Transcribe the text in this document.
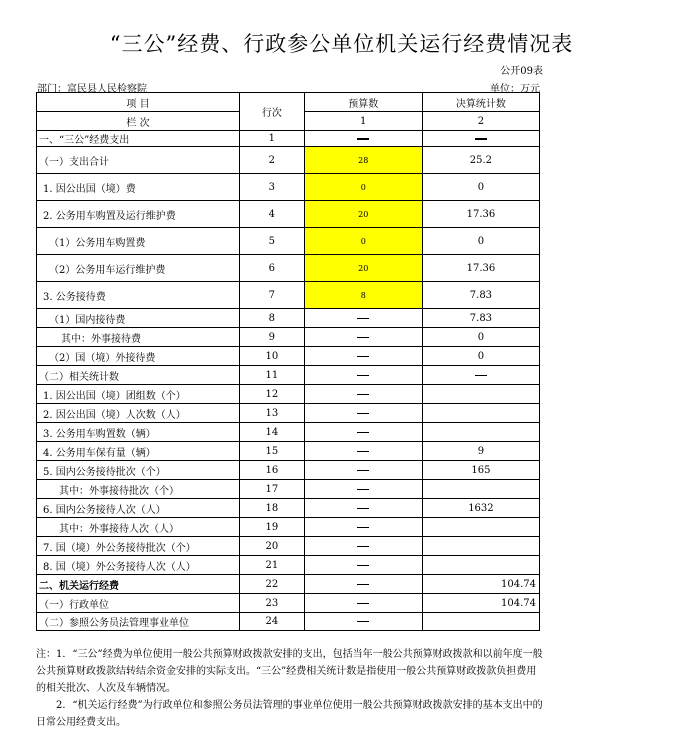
“三公”经费、行政参公单位机关运行经费情况表
公开09表
部门：富民县人民检察院	单位：万元
项 目	行次	预算数	决算统计数
栏 次		1	2
一、“三公”经费支出	1		
（一）支出合计	2	28	25.2
1. 因公出国（境）费	3	0	0
2. 公务用车购置及运行维护费	4	20	17.36
（1）公务用车购置费	5	0	0
（2）公务用车运行维护费	6	20	17.36
3. 公务接待费	7	8	7.83
（1）国内接待费	8		7.83
其中：外事接待费	9		0
（2）国（境）外接待费	10		0
（二）相关统计数	11		
1. 因公出国（境）团组数（个）	12		
2. 因公出国（境）人次数（人）	13		
3. 公务用车购置数（辆）	14		
4. 公务用车保有量（辆）	15		9
5. 国内公务接待批次（个）	16		165
其中：外事接待批次（个）	17		
6. 国内公务接待人次（人）	18		1632
其中：外事接待人次（人）	19		
7. 国（境）外公务接待批次（个）	20		
8. 国（境）外公务接待人次（人）	21		
二、机关运行经费	22		104.74
（一）行政单位	23		104.74
（二）参照公务员法管理事业单位	24		

注：1．“三公”经费为单位使用一般公共预算财政拨款安排的支出，包括当年一般公共预算财政拨款和以前年度一般公共预算财政拨款结转结余资金安排的实际支出。“三公”经费相关统计数是指使用一般公共预算财政拨款负担费用的相关批次、人次及车辆情况。

2．“机关运行经费”为行政单位和参照公务员法管理的事业单位使用一般公共预算财政拨款安排的基本支出中的日常公用经费支出。
